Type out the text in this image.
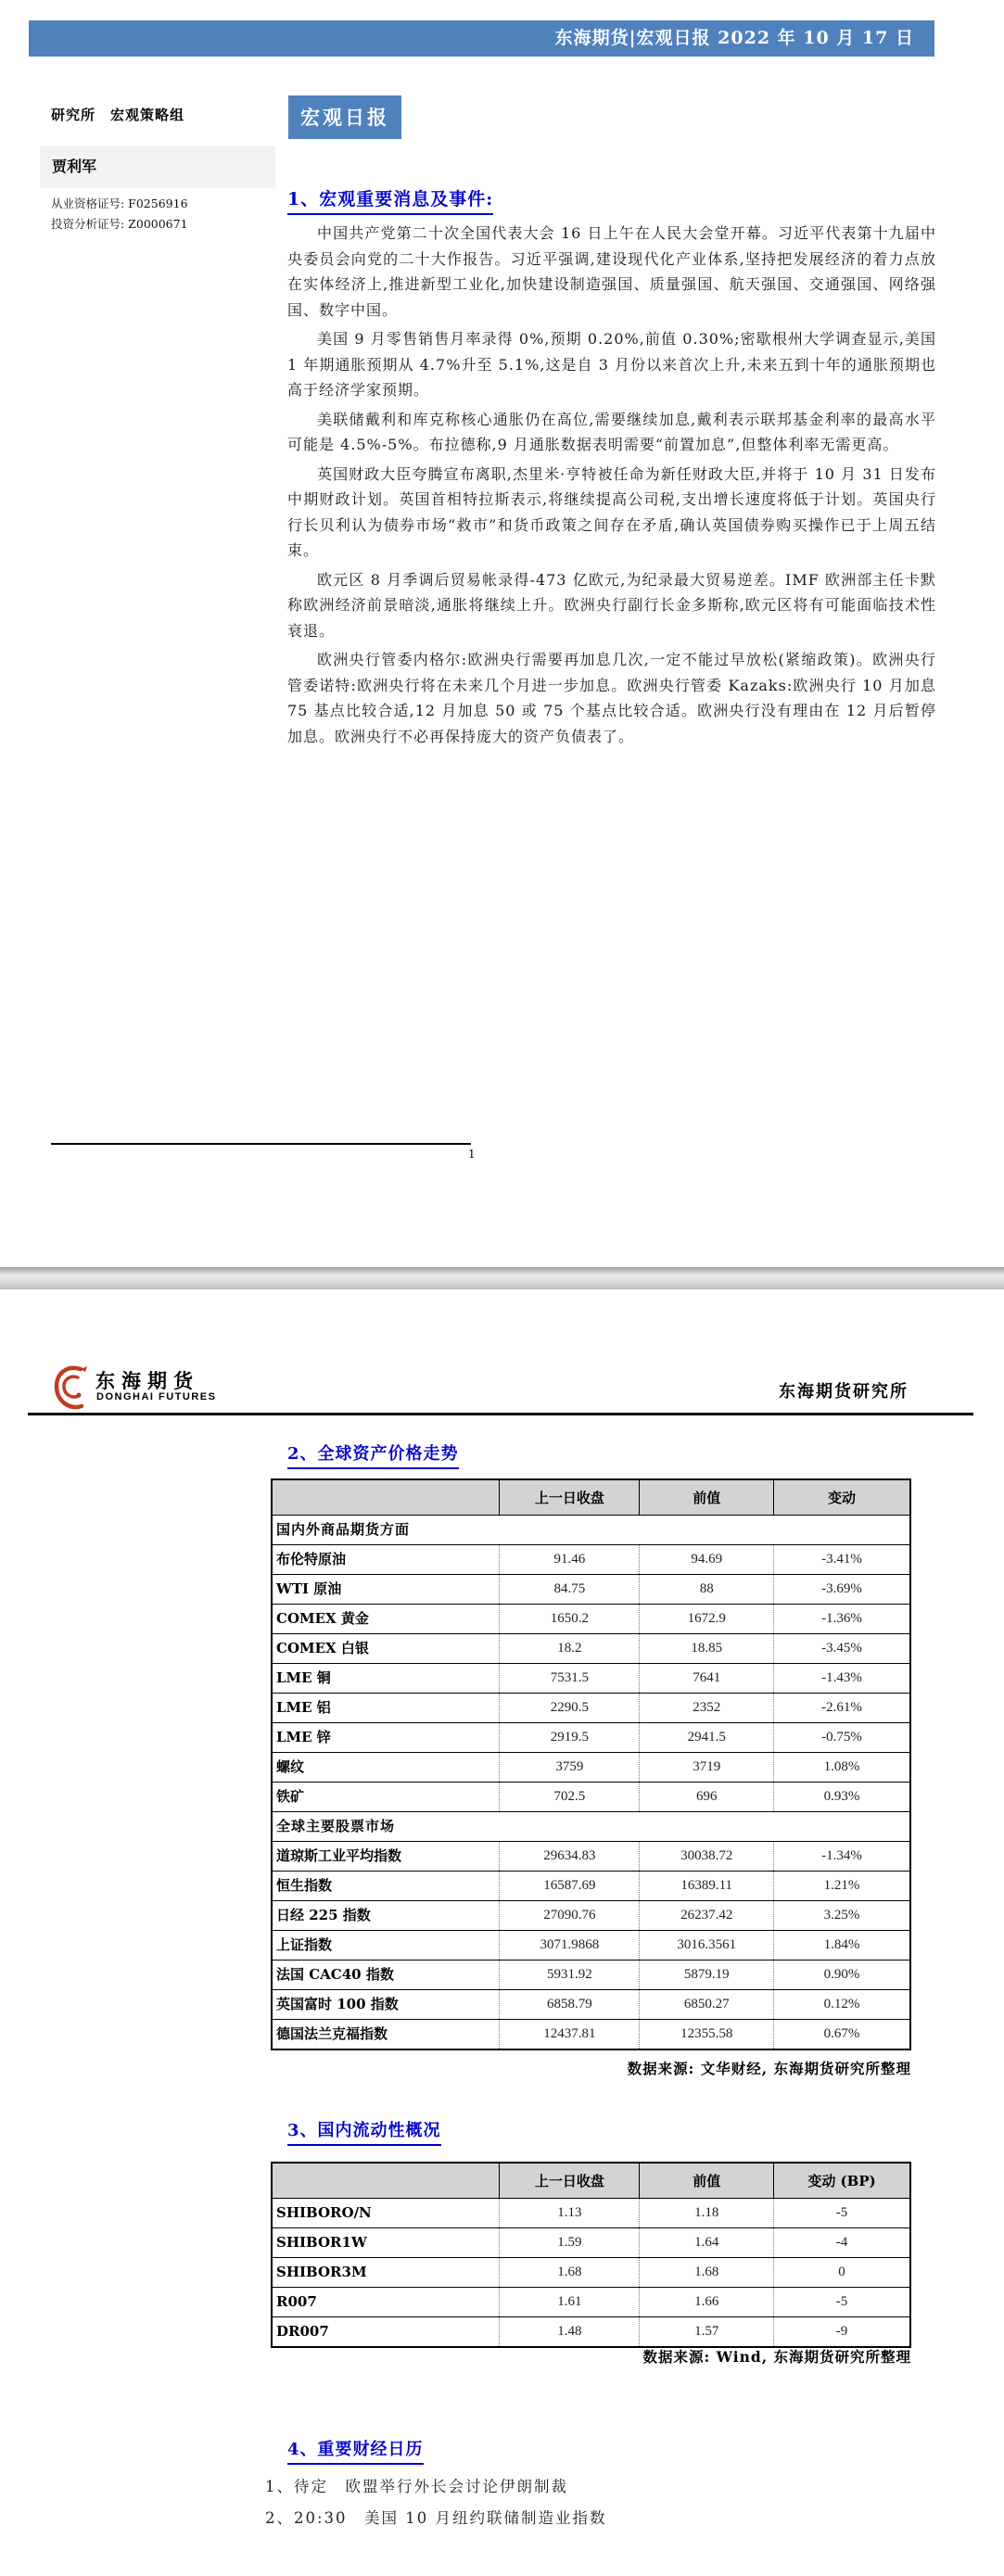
东海期货|宏观日报 2022 年 10 月 17 日
研究所　宏观策略组
贾利军
从业资格证号: F0256916
投资分析证号: Z0000671
宏观日报
1、宏观重要消息及事件:

中国共产党第二十次全国代表大会 16 日上午在人民大会堂开幕。习近平代表第十九届中央委员会向党的二十大作报告。习近平强调,建设现代化产业体系,坚持把发展经济的着力点放在实体经济上,推进新型工业化,加快建设制造强国、质量强国、航天强国、交通强国、网络强国、数字中国。

美国 9 月零售销售月率录得 0%,预期 0.20%,前值 0.30%;密歇根州大学调查显示,美国 1 年期通胀预期从 4.7%升至 5.1%,这是自 3 月份以来首次上升,未来五到十年的通胀预期也高于经济学家预期。

美联储戴利和库克称核心通胀仍在高位,需要继续加息,戴利表示联邦基金利率的最高水平可能是 4.5%-5%。布拉德称,9 月通胀数据表明需要“前置加息”,但整体利率无需更高。

英国财政大臣夸腾宣布离职,杰里米·亨特被任命为新任财政大臣,并将于 10 月 31 日发布中期财政计划。英国首相特拉斯表示,将继续提高公司税,支出增长速度将低于计划。英国央行行长贝利认为债券市场“救市”和货币政策之间存在矛盾,确认英国债券购买操作已于上周五结束。

欧元区 8 月季调后贸易帐录得-473 亿欧元,为纪录最大贸易逆差。IMF 欧洲部主任卡默称欧洲经济前景暗淡,通胀将继续上升。欧洲央行副行长金多斯称,欧元区将有可能面临技术性衰退。

欧洲央行管委内格尔:欧洲央行需要再加息几次,一定不能过早放松(紧缩政策)。欧洲央行管委诺特:欧洲央行将在未来几个月进一步加息。欧洲央行管委 Kazaks:欧洲央行 10 月加息 75 基点比较合适,12 月加息 50 或 75 个基点比较合适。欧洲央行没有理由在 12 月后暂停加息。欧洲央行不必再保持庞大的资产负债表了。

1
东海期货
DONGHAI FUTURES	东海期货研究所
2、全球资产价格走势
	上一日收盘	前值	变动
国内外商品期货方面			
布伦特原油	91.46	94.69	-3.41%
WTI 原油	84.75	88	-3.69%
COMEX 黄金	1650.2	1672.9	-1.36%
COMEX 白银	18.2	18.85	-3.45%
LME 铜	7531.5	7641	-1.43%
LME 铝	2290.5	2352	-2.61%
LME 锌	2919.5	2941.5	-0.75%
螺纹	3759	3719	1.08%
铁矿	702.5	696	0.93%
全球主要股票市场			
道琼斯工业平均指数	29634.83	30038.72	-1.34%
恒生指数	16587.69	16389.11	1.21%
日经 225 指数	27090.76	26237.42	3.25%
上证指数	3071.9868	3016.3561	1.84%
法国 CAC40 指数	5931.92	5879.19	0.90%
英国富时 100 指数	6858.79	6850.27	0.12%
德国法兰克福指数	12437.81	12355.58	0.67%
数据来源: 文华财经, 东海期货研究所整理
3、国内流动性概况
	上一日收盘	前值	变动 (BP)
SHIBORO/N	1.13	1.18	-5
SHIBOR1W	1.59	1.64	-4
SHIBOR3M	1.68	1.68	0
R007	1.61	1.66	-5
DR007	1.48	1.57	-9
数据来源: Wind, 东海期货研究所整理
4、重要财经日历

1、待定　欧盟举行外长会讨论伊朗制裁

2、20:30　美国 10 月纽约联储制造业指数
